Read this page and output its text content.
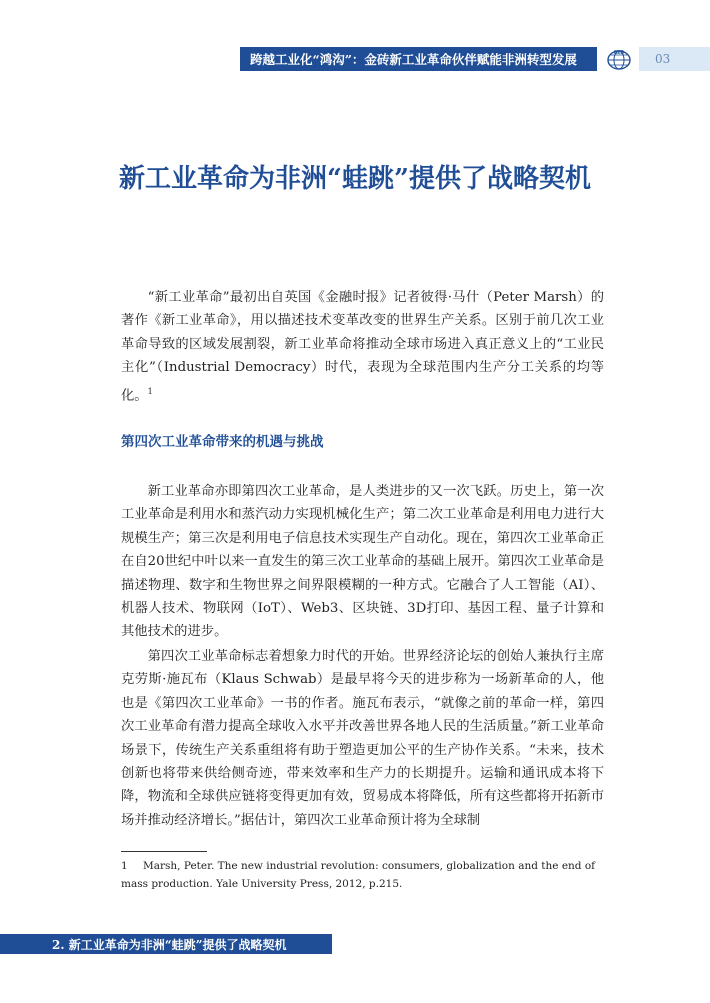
跨越工业化“鸿沟”：金砖新工业革命伙伴赋能非洲转型发展	NIIS	03
新工业革命为非洲“蛙跳”提供了战略契机

“新工业革命”最初出自英国《金融时报》记者彼得·马什（Peter Marsh）的著作《新工业革命》，用以描述技术变革改变的世界生产关系。区别于前几次工业革命导致的区域发展割裂，新工业革命将推动全球市场进入真正意义上的“工业民主化”（Industrial Democracy）时代，表现为全球范围内生产分工关系的均等化。$^1$

第四次工业革命带来的机遇与挑战

新工业革命亦即第四次工业革命，是人类进步的又一次飞跃。历史上，第一次工业革命是利用水和蒸汽动力实现机械化生产；第二次工业革命是利用电力进行大规模生产；第三次是利用电子信息技术实现生产自动化。现在，第四次工业革命正在自20世纪中叶以来一直发生的第三次工业革命的基础上展开。第四次工业革命是描述物理、数字和生物世界之间界限模糊的一种方式。它融合了人工智能（AI）、机器人技术、物联网（IoT）、Web3、区块链、3D打印、基因工程、量子计算和其他技术的进步。

第四次工业革命标志着想象力时代的开始。世界经济论坛的创始人兼执行主席克劳斯·施瓦布（Klaus Schwab）是最早将今天的进步称为一场新革命的人，他也是《第四次工业革命》一书的作者。施瓦布表示，“就像之前的革命一样，第四次工业革命有潜力提高全球收入水平并改善世界各地人民的生活质量。”新工业革命场景下，传统生产关系重组将有助于塑造更加公平的生产协作关系。“未来，技术创新也将带来供给侧奇迹，带来效率和生产力的长期提升。运输和通讯成本将下降，物流和全球供应链将变得更加有效，贸易成本将降低，所有这些都将开拓新市场并推动经济增长。”据估计，第四次工业革命预计将为全球制

1 Marsh, Peter. The new industrial revolution: consumers, globalization and the end of mass production. Yale University Press, 2012, p.215.

2. 新工业革命为非洲“蛙跳”提供了战略契机
